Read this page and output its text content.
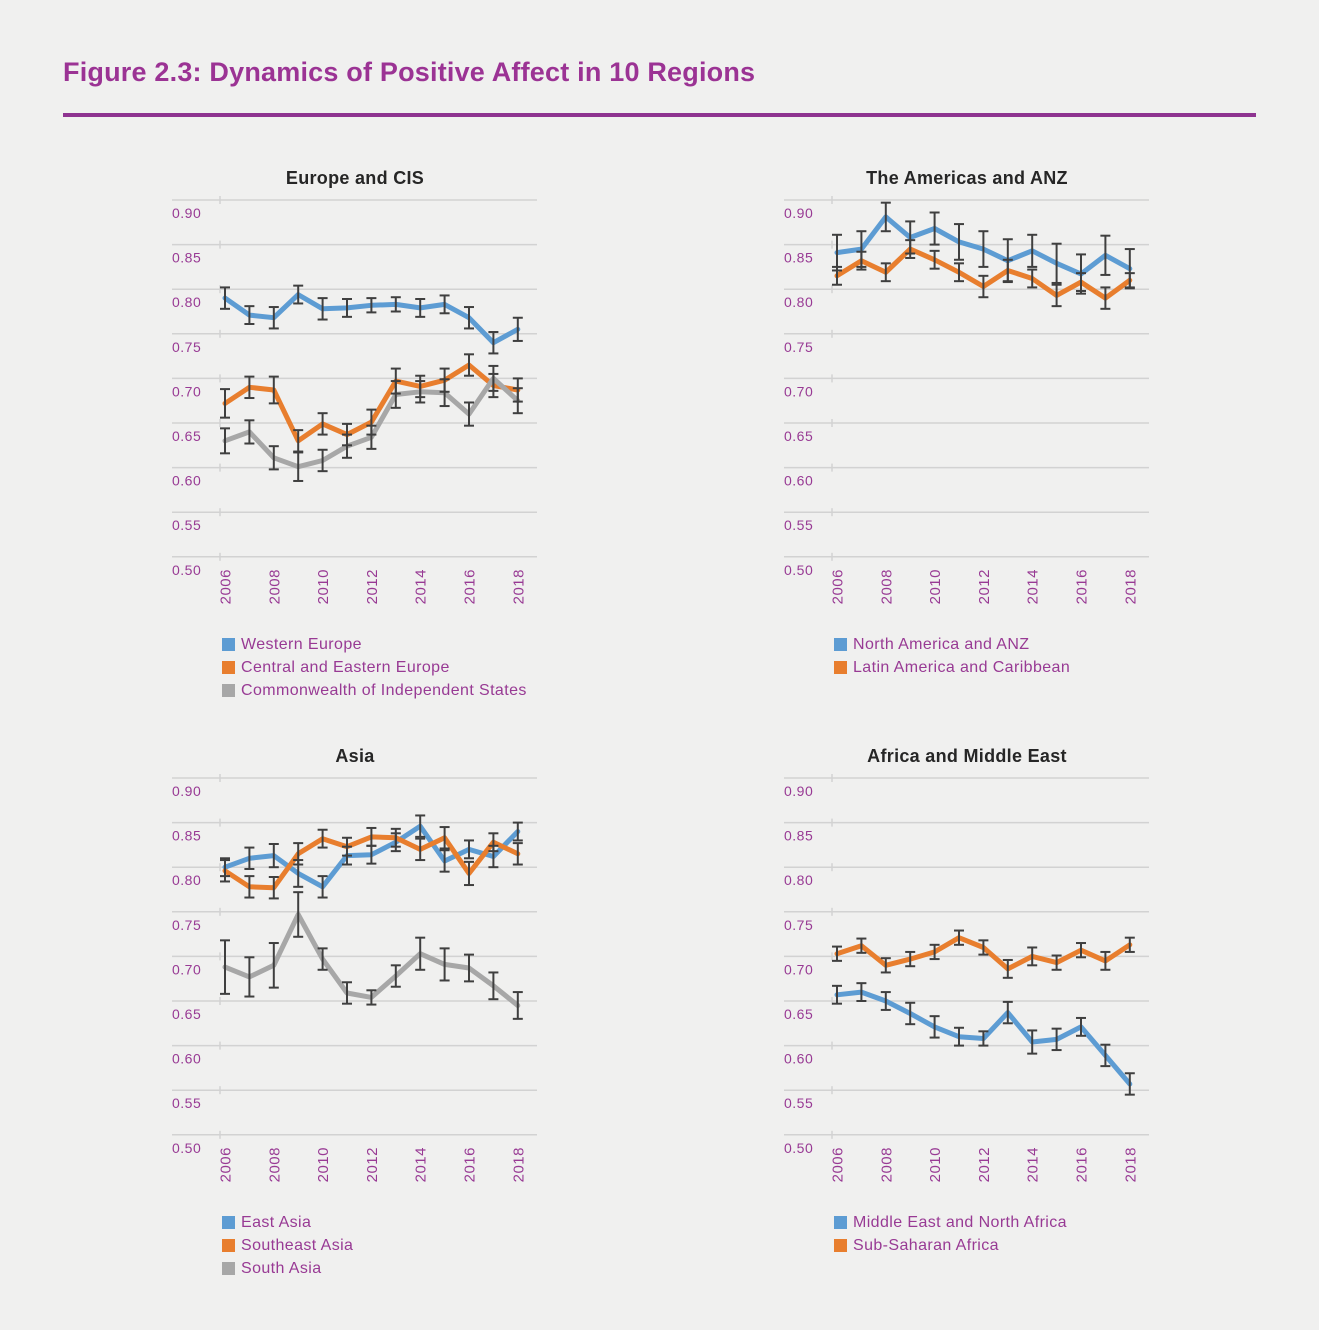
Figure 2.3: Dynamics of Positive Affect in 10 Regions
Europe and CIS
0.90
0.85
0.80
0.75
0.70
0.65
0.60
0.55
0.50 2006 2008 2010 2012 2014 2016 2018
Western Europe
Central and Eastern Europe
Commonwealth of Independent States
The Americas and ANZ
0.90
0.85
0.80
0.75
0.70
0.65
0.60
0.55
0.50 2006 2008 2010 2012 2014 2016 2018
North America and ANZ
Latin America and Caribbean
Asia
0.90
0.85
0.80
0.75
0.70
0.65
0.60
0.55
0.50 2006 2008 2010 2012 2014 2016 2018
East Asia
Southeast Asia
South Asia
Africa and Middle East
0.90
0.85
0.80
0.75
0.70
0.65
0.60
0.55
0.50 2006 2008 2010 2012 2014 2016 2018
Middle East and North Africa
Sub-Saharan Africa
